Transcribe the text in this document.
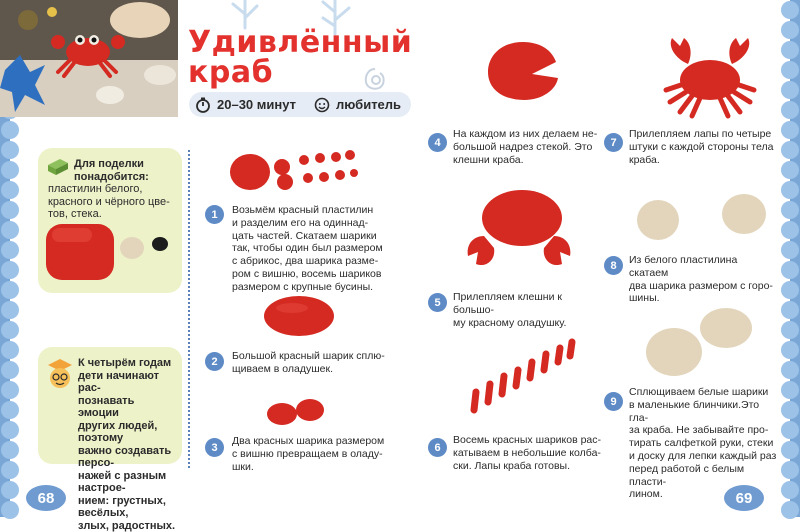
Удивлённый
краб
20–30 минут	любитель
Для поделки
понадобится:
пластилин белого,
красного и чёрного цве-
тов, стека.
К четырём годам
дети начинают рас-
познавать эмоции
других людей, поэтому
важно создавать персо-
нажей с разным настрое-
нием: грустных, весёлых,
злых, радостных.
1	Возьмём красный пластилин
и разделим его на одиннад-
цать частей. Скатаем шарики
так, чтобы один был размером
с абрикос, два шарика разме-
ром с вишню, восемь шариков
размером с крупные бусины.
2	Большой красный шарик сплю-
щиваем в оладушек.
3
Два красных шарика размером
с вишню превращаем в оладу-
шки.
4
На каждом из них делаем не-
большой надрез стекой. Это
клешни краба.
5	Прилепляем клешни к большо-
му красному оладушку.
6
Восемь красных шариков рас-
катываем в небольшие колба-
ски. Лапы краба готовы.
7
Прилепляем лапы по четыре
штуки с каждой стороны тела
краба.
8	Из белого пластилина скатаем
два шарика размером с горо-
шины.
9
Сплющиваем белые шарики
в маленькие блинчики.Это гла-
за краба. Не забывайте про-
тирать салфеткой руки, стеки
и доску для лепки каждый раз
перед работой с белым пласти-
лином.
68	69
